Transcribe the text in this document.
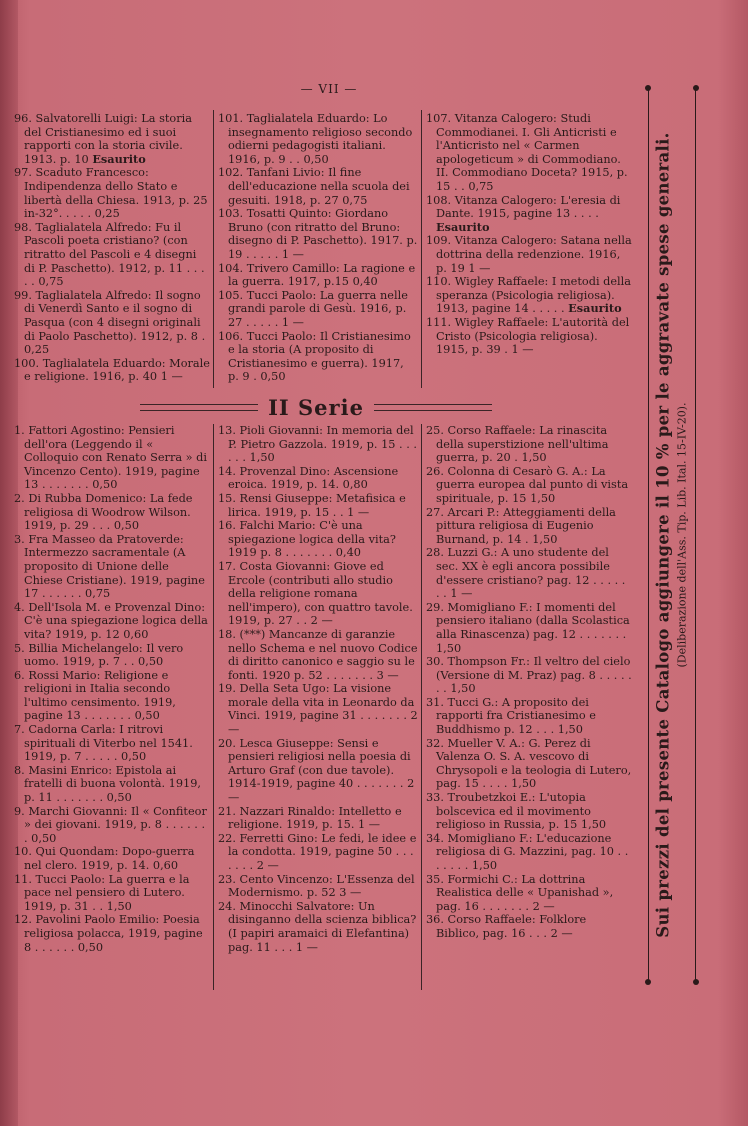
— VII —
96. Salvatorelli Luigi: La storia del Cristianesimo ed i suoi rapporti con la storia civile. 1913. p. 10 Esaurito
97. Scaduto Francesco: Indipendenza dello Stato e libertà della Chiesa. 1913, p. 25 in-32°. . . . . 0,25
98. Taglialatela Alfredo: Fu il Pascoli poeta cristiano? (con ritratto del Pascoli e 4 disegni di P. Paschetto). 1912, p. 11 . . . . . 0,75
99. Taglialatela Alfredo: Il sogno di Venerdì Santo e il sogno di Pasqua (con 4 disegni originali di Paolo Paschetto). 1912, p. 8 . 0,25
100. Taglialatela Eduardo: Morale e religione. 1916, p. 40 1 —
101. Taglialatela Eduardo: Lo insegnamento religioso secondo odierni pedagogisti italiani. 1916, p. 9 . . 0,50
102. Tanfani Livio: Il fine dell'educazione nella scuola dei gesuiti. 1918, p. 27 0,75
103. Tosatti Quinto: Giordano Bruno (con ritratto del Bruno: disegno di P. Paschetto). 1917. p. 19 . . . . . 1 —
104. Trivero Camillo: La ragione e la guerra. 1917, p.15 0,40
105. Tucci Paolo: La guerra nelle grandi parole di Gesù. 1916, p. 27 . . . . . 1 —
106. Tucci Paolo: Il Cristianesimo e la storia (A proposito di Cristianesimo e guerra). 1917, p. 9 . 0,50
107. Vitanza Calogero: Studi Commodianei. I. Gli Anticristi e l'Anticristo nel « Carmen apologeticum » di Commodiano. II. Commodiano Doceta? 1915, p. 15 . . 0,75
108. Vitanza Calogero: L'eresia di Dante. 1915, pagine 13 . . . . Esaurito
109. Vitanza Calogero: Satana nella dottrina della redenzione. 1916, p. 19 1 —
110. Wigley Raffaele: I metodi della speranza (Psicologia religiosa). 1913, pagine 14 . . . . . Esaurito
111. Wigley Raffaele: L'autorità del Cristo (Psicologia religiosa). 1915, p. 39 . 1 —
II Serie
1. Fattori Agostino: Pensieri dell'ora (Leggendo il « Colloquio con Renato Serra » di Vincenzo Cento). 1919, pagine 13 . . . . . . . 0,50
2. Di Rubba Domenico: La fede religiosa di Woodrow Wilson. 1919, p. 29 . . . 0,50
3. Fra Masseo da Pratoverde: Intermezzo sacramentale (A proposito di Unione delle Chiese Cristiane). 1919, pagine 17 . . . . . . 0,75
4. Dell'Isola M. e Provenzal Dino: C'è una spiegazione logica della vita? 1919, p. 12 0,60
5. Billia Michelangelo: Il vero uomo. 1919, p. 7 . . 0,50
6. Rossi Mario: Religione e religioni in Italia secondo l'ultimo censimento. 1919, pagine 13 . . . . . . . 0,50
7. Cadorna Carla: I ritrovi spirituali di Viterbo nel 1541. 1919, p. 7 . . . . . 0,50
8. Masini Enrico: Epistola ai fratelli di buona volontà. 1919, p. 11 . . . . . . . 0,50
9. Marchi Giovanni: Il « Confiteor » dei giovani. 1919, p. 8 . . . . . . . 0,50
10. Qui Quondam: Dopo-guerra nel clero. 1919, p. 14. 0,60
11. Tucci Paolo: La guerra e la pace nel pensiero di Lutero. 1919, p. 31 . . 1,50
12. Pavolini Paolo Emilio: Poesia religiosa polacca, 1919, pagine 8 . . . . . . 0,50
13. Pioli Giovanni: In memoria del P. Pietro Gazzola. 1919, p. 15 . . . . . . 1,50
14. Provenzal Dino: Ascensione eroica. 1919, p. 14. 0,80
15. Rensi Giuseppe: Metafisica e lirica. 1919, p. 15 . . 1 —
16. Falchi Mario: C'è una spiegazione logica della vita? 1919 p. 8 . . . . . . . 0,40
17. Costa Giovanni: Giove ed Ercole (contributi allo studio della religione romana nell'impero), con quattro tavole. 1919, p. 27 . . 2 —
18. (***) Mancanze di garanzie nello Schema e nel nuovo Codice di diritto canonico e saggio su le fonti. 1920 p. 52 . . . . . . . 3 —
19. Della Seta Ugo: La visione morale della vita in Leonardo da Vinci. 1919, pagine 31 . . . . . . . 2 —
20. Lesca Giuseppe: Sensi e pensieri religiosi nella poesia di Arturo Graf (con due tavole). 1914-1919, pagine 40 . . . . . . . 2 —
21. Nazzari Rinaldo: Intelletto e religione. 1919, p. 15. 1 —
22. Ferretti Gino: Le fedi, le idee e la condotta. 1919, pagine 50 . . . . . . . 2 —
23. Cento Vincenzo: L'Essenza del Modernismo. p. 52 3 —
24. Minocchi Salvatore: Un disinganno della scienza biblica? (I papiri aramaici di Elefantina) pag. 11 . . . 1 —
25. Corso Raffaele: La rinascita della superstizione nell'ultima guerra, p. 20 . 1,50
26. Colonna di Cesarò G. A.: La guerra europea dal punto di vista spirituale, p. 15 1,50
27. Arcari P.: Atteggiamenti della pittura religiosa di Eugenio Burnand, p. 14 . 1,50
28. Luzzi G.: A uno studente del sec. XX è egli ancora possibile d'essere cristiano? pag. 12 . . . . . . . 1 —
29. Momigliano F.: I momenti del pensiero italiano (dalla Scolastica alla Rinascenza) pag. 12 . . . . . . . 1,50
30. Thompson Fr.: Il veltro del cielo (Versione di M. Praz) pag. 8 . . . . . . . 1,50
31. Tucci G.: A proposito dei rapporti fra Cristianesimo e Buddhismo p. 12 . . . 1,50
32. Mueller V. A.: G. Perez di Valenza O. S. A. vescovo di Chrysopoli e la teologia di Lutero, pag. 15 . . . . 1,50
33. Troubetzkoi E.: L'utopia bolscevica ed il movimento religioso in Russia, p. 15 1,50
34. Momigliano F.: L'educazione religiosa di G. Mazzini, pag. 10 . . . . . . . 1,50
35. Formichi C.: La dottrina Realistica delle « Upanishad », pag. 16 . . . . . . . 2 —
36. Corso Raffaele: Folklore Biblico, pag. 16 . . . 2 —	Sui prezzi del presente Catalogo aggiungere il 10 % per le aggravate spese generali. (Deliberazione dell'Ass. Tip. Lib. Ital. 15-IV-20).
